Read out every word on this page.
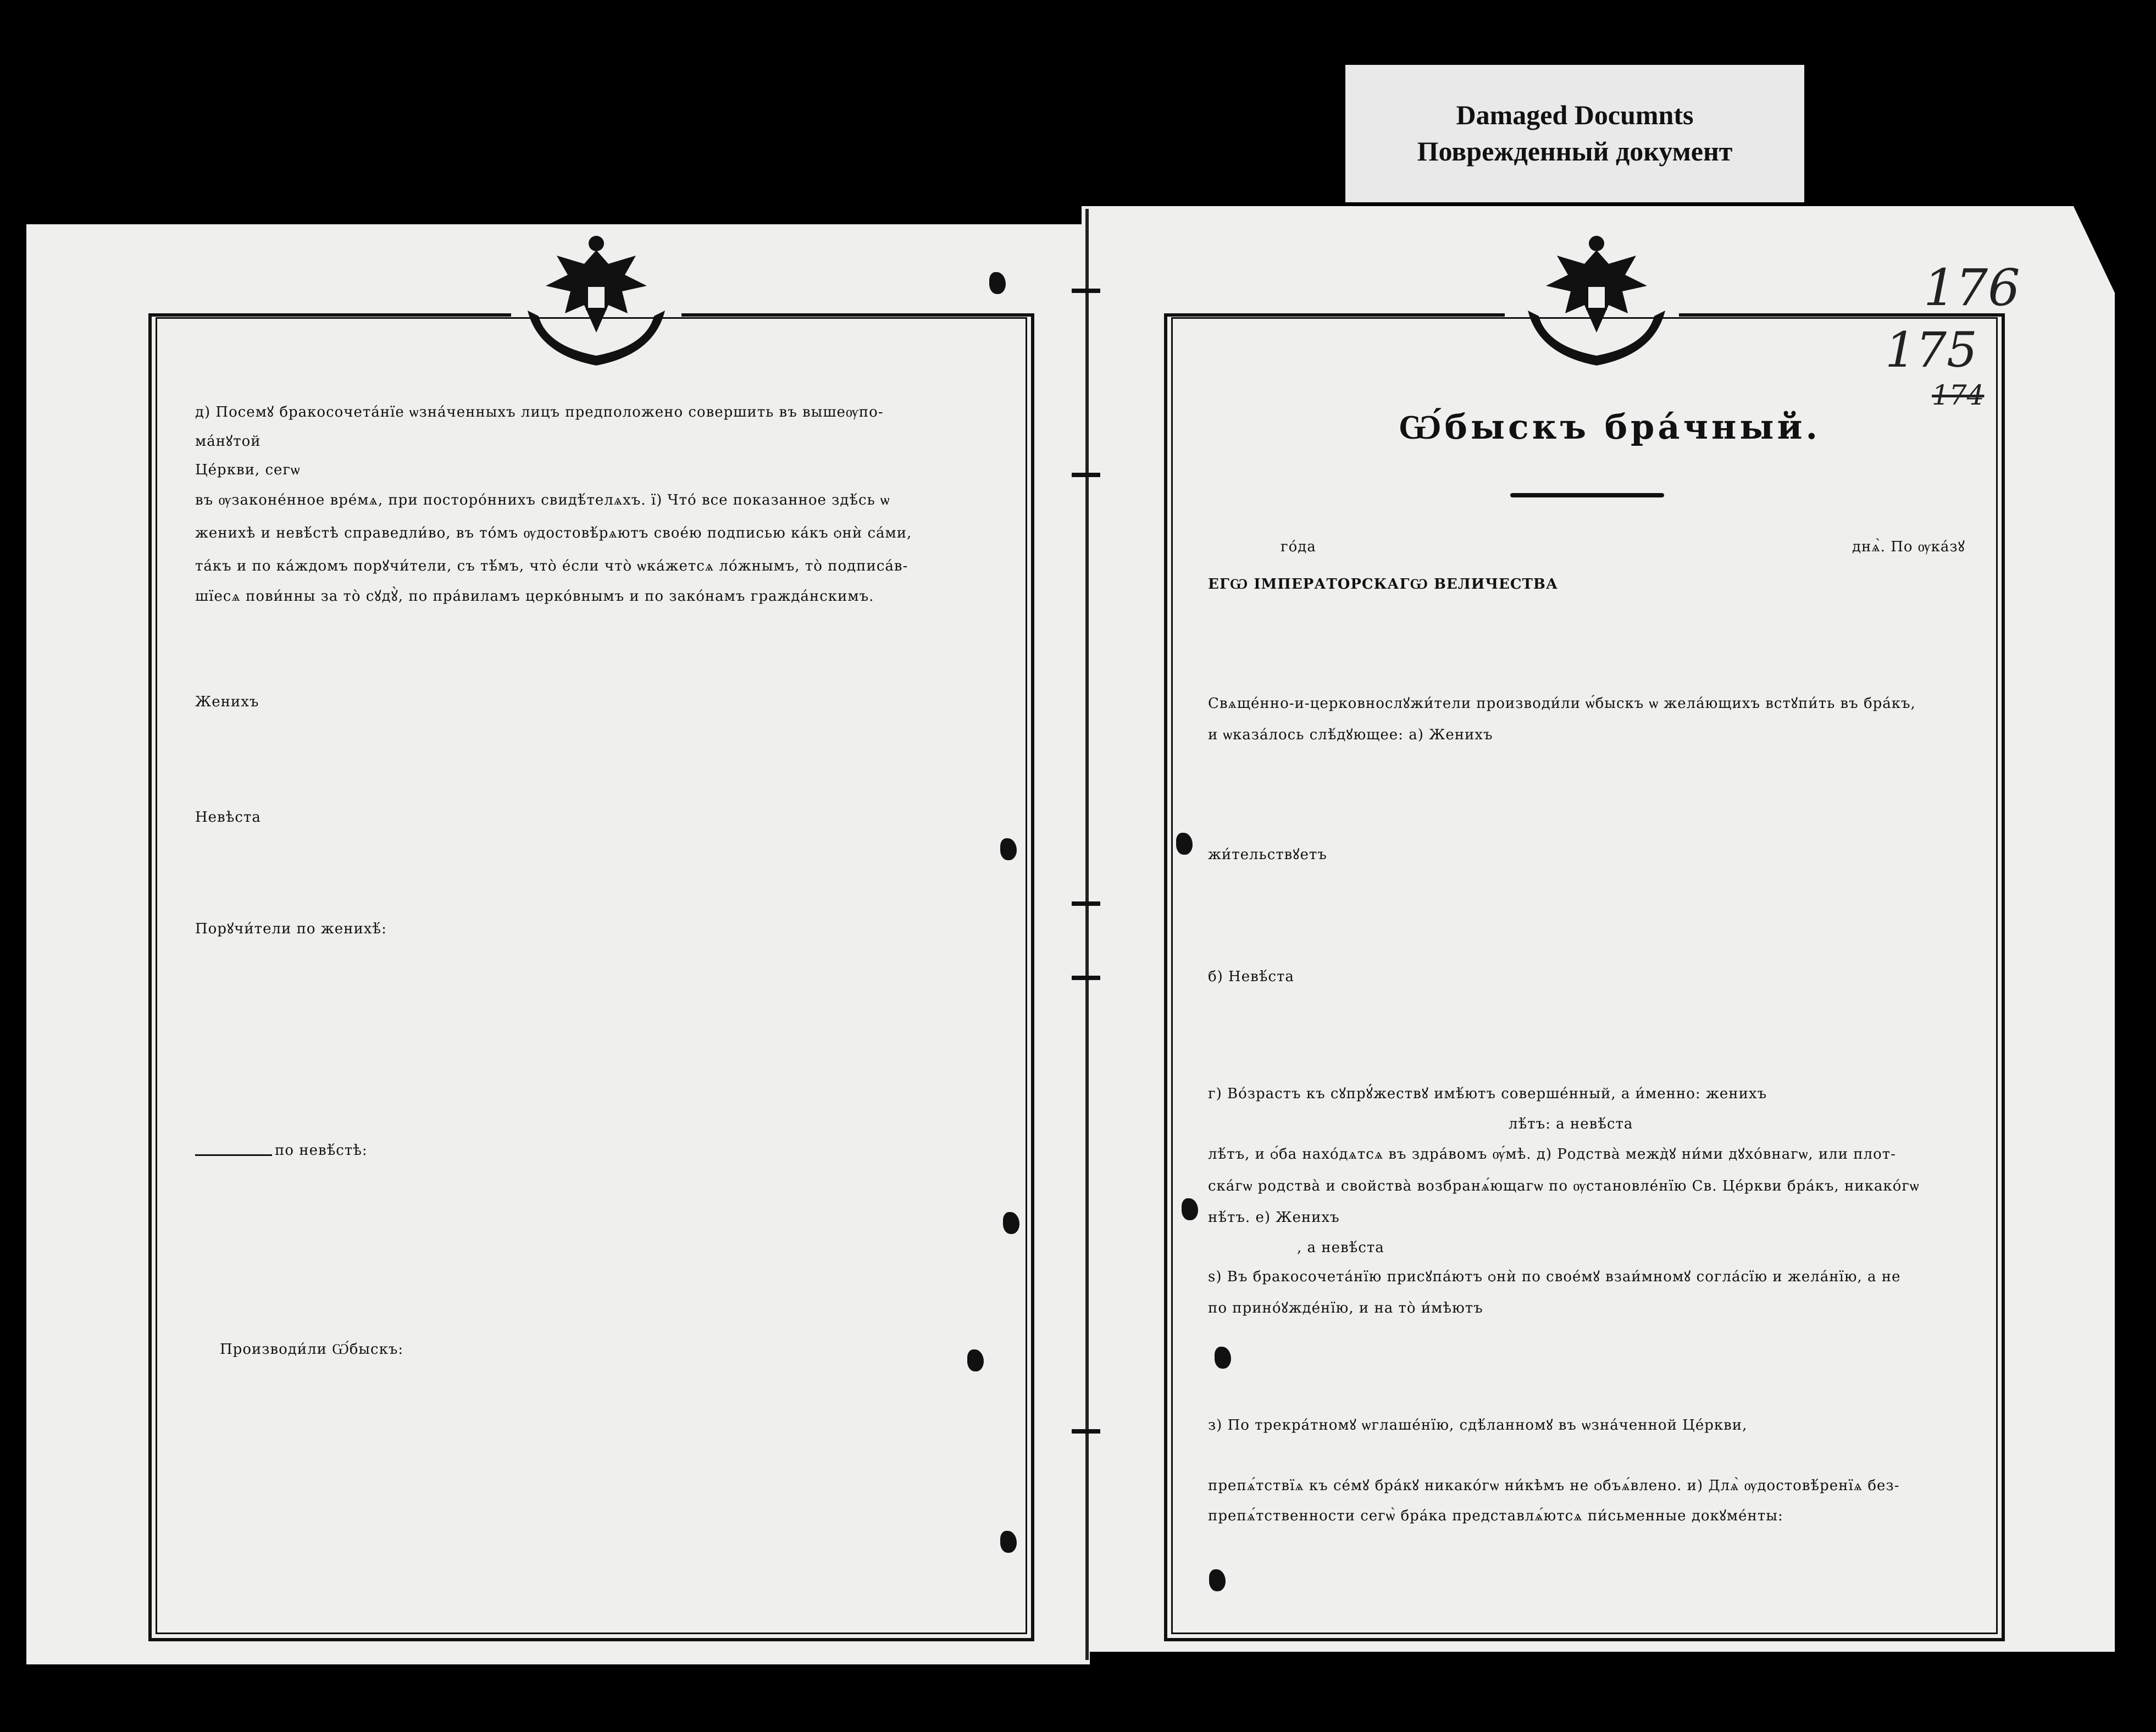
Damaged Documnts
Поврежденный документ
176
175
174
д) Посемꙋ бракосочета́нїе ѡзна́ченныхъ лицъ предположено совершить въ вышеѹпо-
ма́нꙋтой
Це́ркви, сегѡ
въ ѹзаконе́нное вре́мѧ, при посторо́ннихъ свидѣ́телѧхъ. ї) Что́ все показанное здѣ́сь ѡ
женихѣ и невѣ́стѣ справедли́во, въ то́мъ ѹдостовѣ́рѧютъ свое́ю подписью ка́къ ѻнѝ са́ми,
та́къ и по ка́ждомъ порꙋчи́тели, съ тѣ́мъ, что̀ е́сли что̀ ѡка́жетсѧ ло́жнымъ, то̀ подписа́в-
шїесѧ пови́нны за то̀ сꙋдꙋ̀, по пра́виламъ церко́внымъ и по зако́намъ гражда́нскимъ.
Женихъ
Невѣста
Порꙋчи́тели по женихѣ́:
по невѣ́стѣ:
Производи́ли Ѡ́быскъ:
Ѡ́быскъ бра́чный.
го́да	днѧ̀. По ѹка́зꙋ
ЕГѠ ІМПЕРАТОРСКАГѠ ВЕЛИЧЕСТВА
Свѧще́нно-и-церковнослꙋжи́тели производи́ли ѡ́быскъ ѡ жела́ющихъ встꙋпи́ть въ бра́къ,
и ѡказа́лось слѣ́дꙋющее: а) Женихъ
жи́тельствꙋетъ
б) Невѣ́ста
г) Во́зрастъ къ сꙋпрꙋ́жествꙋ имѣ́ютъ соверше́нный, а и́менно: женихъ
лѣ́тъ: а невѣ́ста
лѣ́тъ, и ѻ́ба нахо́дѧтсѧ въ здра́вомъ ѹ́мѣ. д) Родства̀ межд̀ꙋ ни́ми дꙋхо́внагѡ, или плот-
ска́гѡ родства̀ и свойства̀ возбранѧ́ющагѡ по ѹстановле́нїю Св. Це́ркви бра́къ, никако́гѡ
нѣ́тъ. е) Женихъ
, а невѣ́ста
ѕ) Въ бракосочета́нїю присꙋпа́ютъ ѻнѝ по свое́мꙋ взаи́мномꙋ согла́сїю и жела́нїю, а не
по прино́ꙋжде́нїю, и на то̀ и́мѣютъ
з) По трекра́тномꙋ ѡглаше́нїю, сдѣ́ланномꙋ въ ѡзна́ченной Це́ркви,
препѧ́тствїѧ къ се́мꙋ бра́кꙋ никако́гѡ ни́кѣмъ не ѻбъѧ́влено. и) Длѧ̀ ѹдостовѣ́ренїѧ без-
препѧ́тственности сегѡ̀ бра́ка представлѧ́ютсѧ пи́сьменные докꙋме́нты:
